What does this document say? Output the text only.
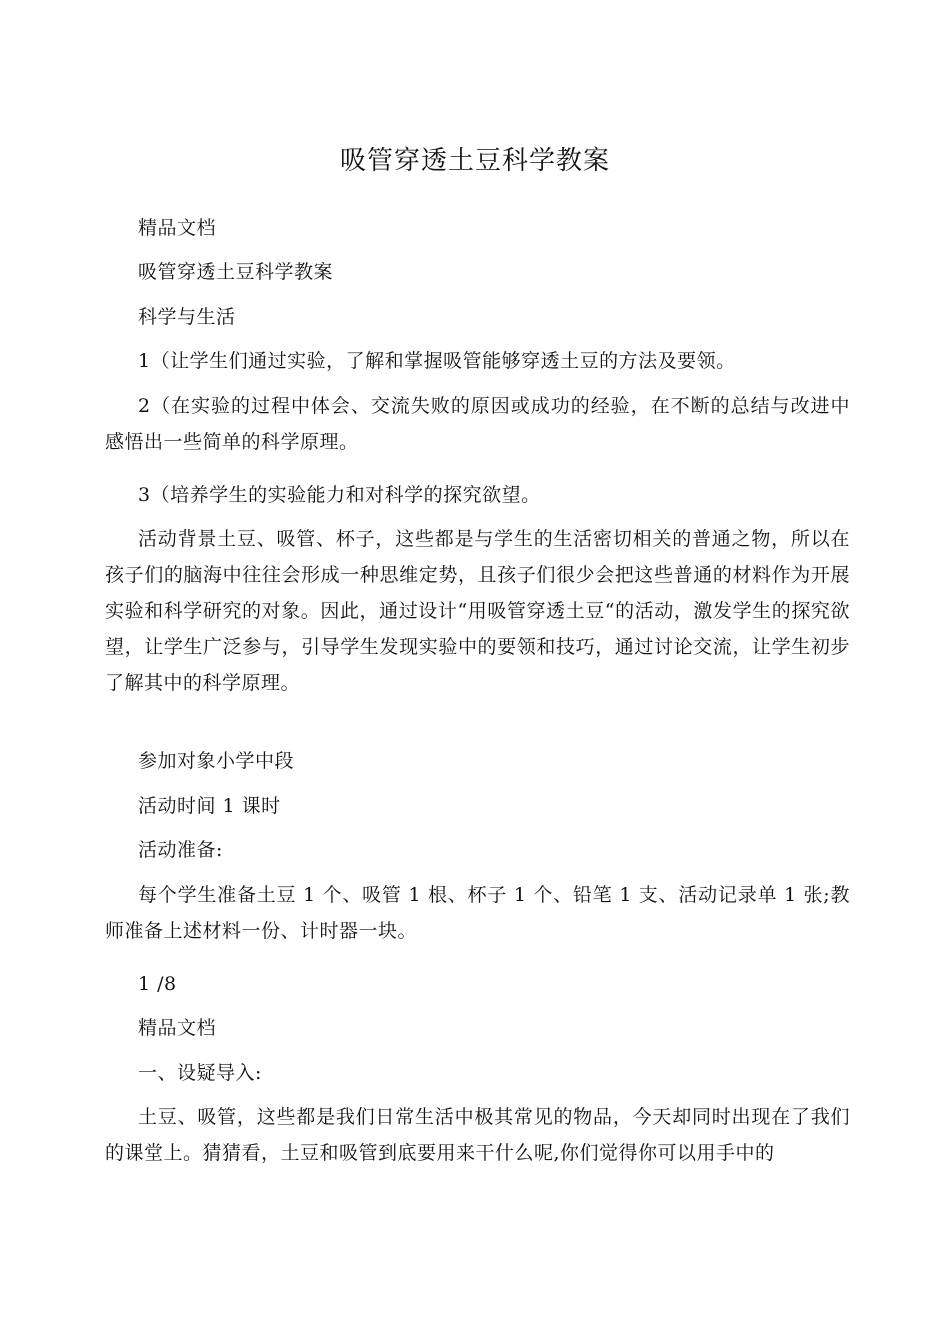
吸管穿透土豆科学教案

精品文档

吸管穿透土豆科学教案

科学与生活

1（让学生们通过实验，了解和掌握吸管能够穿透土豆的方法及要领。

2（在实验的过程中体会、交流失败的原因或成功的经验，在不断的总结与改进中感悟出一些简单的科学原理。

3（培养学生的实验能力和对科学的探究欲望。

活动背景土豆、吸管、杯子，这些都是与学生的生活密切相关的普通之物，所以在孩子们的脑海中往往会形成一种思维定势，且孩子们很少会把这些普通的材料作为开展实验和科学研究的对象。因此，通过设计“用吸管穿透土豆“的活动，激发学生的探究欲望，让学生广泛参与，引导学生发现实验中的要领和技巧，通过讨论交流，让学生初步了解其中的科学原理。

参加对象小学中段

活动时间 1 课时

活动准备:

每个学生准备土豆 1 个、吸管 1 根、杯子 1 个、铅笔 1 支、活动记录单 1 张;教师准备上述材料一份、计时器一块。

1 /8

精品文档

一、设疑导入:

土豆、吸管，这些都是我们日常生活中极其常见的物品，今天却同时出现在了我们的课堂上。猜猜看，土豆和吸管到底要用来干什么呢,你们觉得你可以用手中的
